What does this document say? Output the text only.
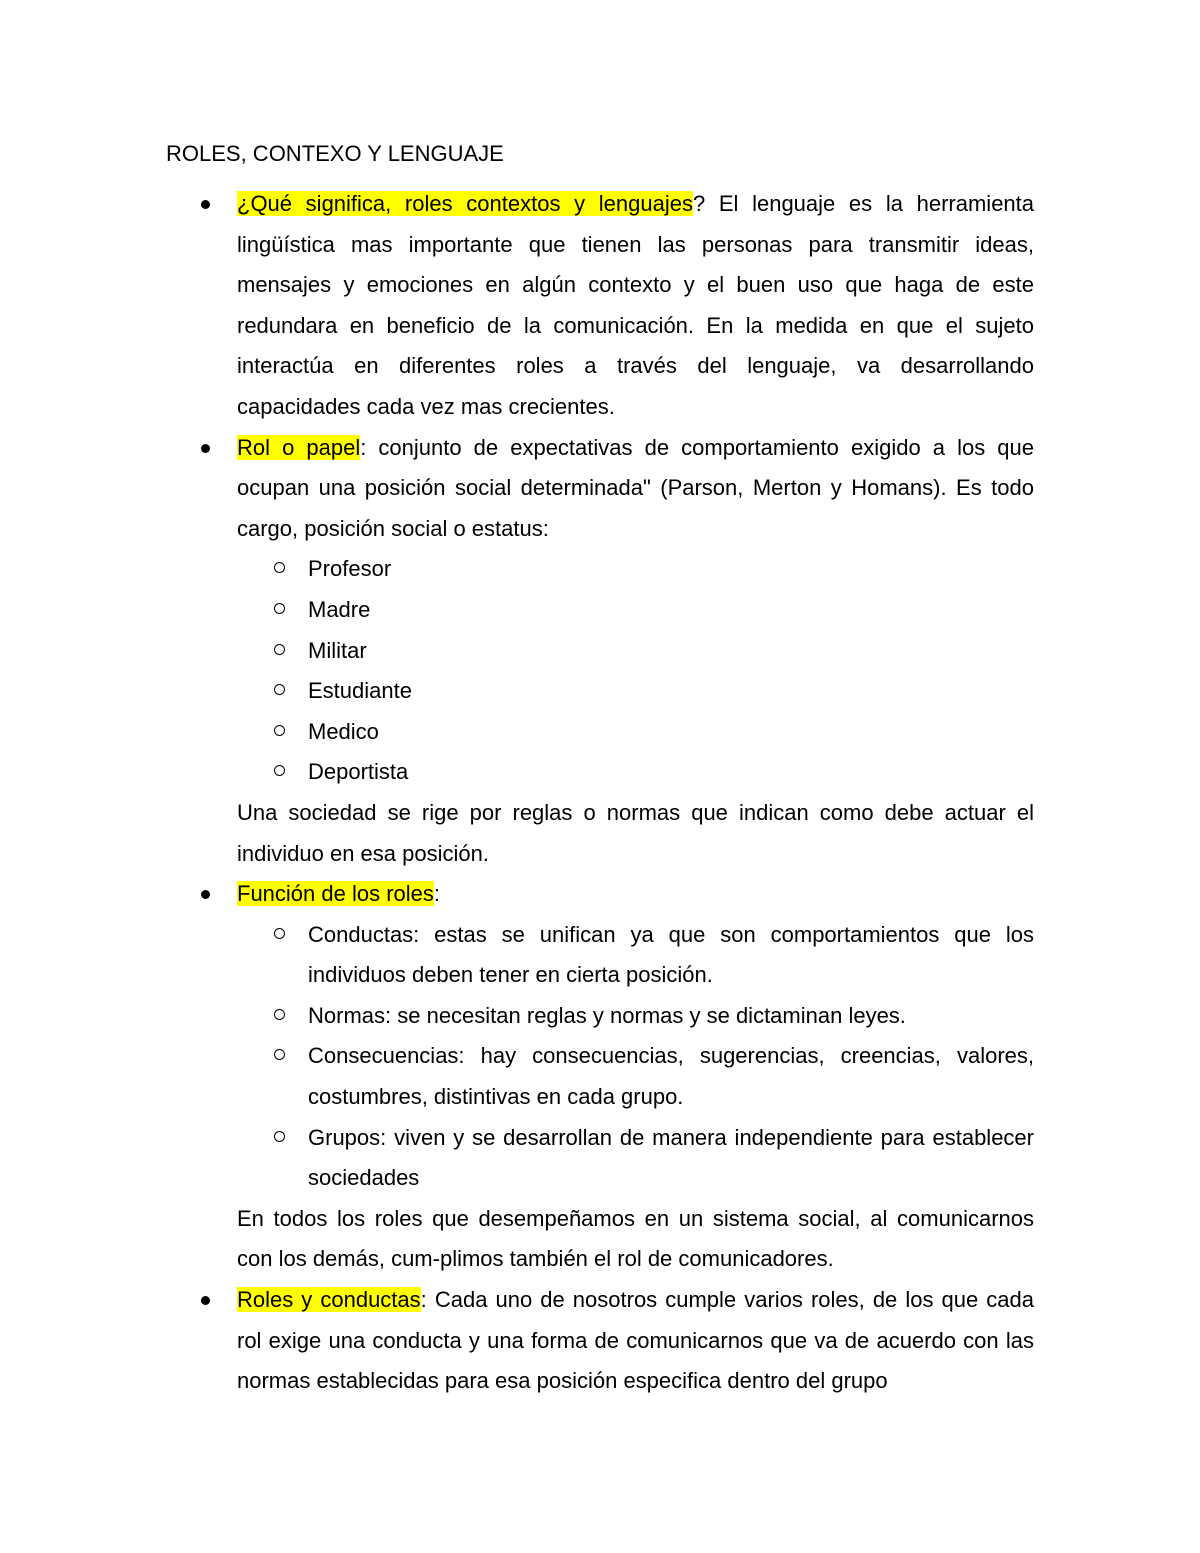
ROLES, CONTEXO Y LENGUAJE
¿Qué significa, roles contextos y lenguajes? El lenguaje es la herramienta lingüística mas importante que tienen las personas para transmitir ideas, mensajes y emociones en algún contexto y el buen uso que haga de este redundara en beneficio de la comunicación. En la medida en que el sujeto interactúa en diferentes roles a través del lenguaje, va desarrollando capacidades cada vez mas crecientes.
Rol o papel: conjunto de expectativas de comportamiento exigido a los que ocupan una posición social determinada" (Parson, Merton y Homans). Es todo cargo, posición social o estatus:
Profesor
Madre
Militar
Estudiante
Medico
Deportista

Una sociedad se rige por reglas o normas que indican como debe actuar el individuo en esa posición.

Función de los roles:
Conductas: estas se unifican ya que son comportamientos que los individuos deben tener en cierta posición.
Normas: se necesitan reglas y normas y se dictaminan leyes.
Consecuencias: hay consecuencias, sugerencias, creencias, valores, costumbres, distintivas en cada grupo.
Grupos: viven y se desarrollan de manera independiente para establecer sociedades

En todos los roles que desempeñamos en un sistema social, al comunicarnos con los demás, cum-plimos también el rol de comunicadores.

Roles y conductas: Cada uno de nosotros cumple varios roles, de los que cada rol exige una conducta y una forma de comunicarnos que va de acuerdo con las normas establecidas para esa posición especifica dentro del grupo
